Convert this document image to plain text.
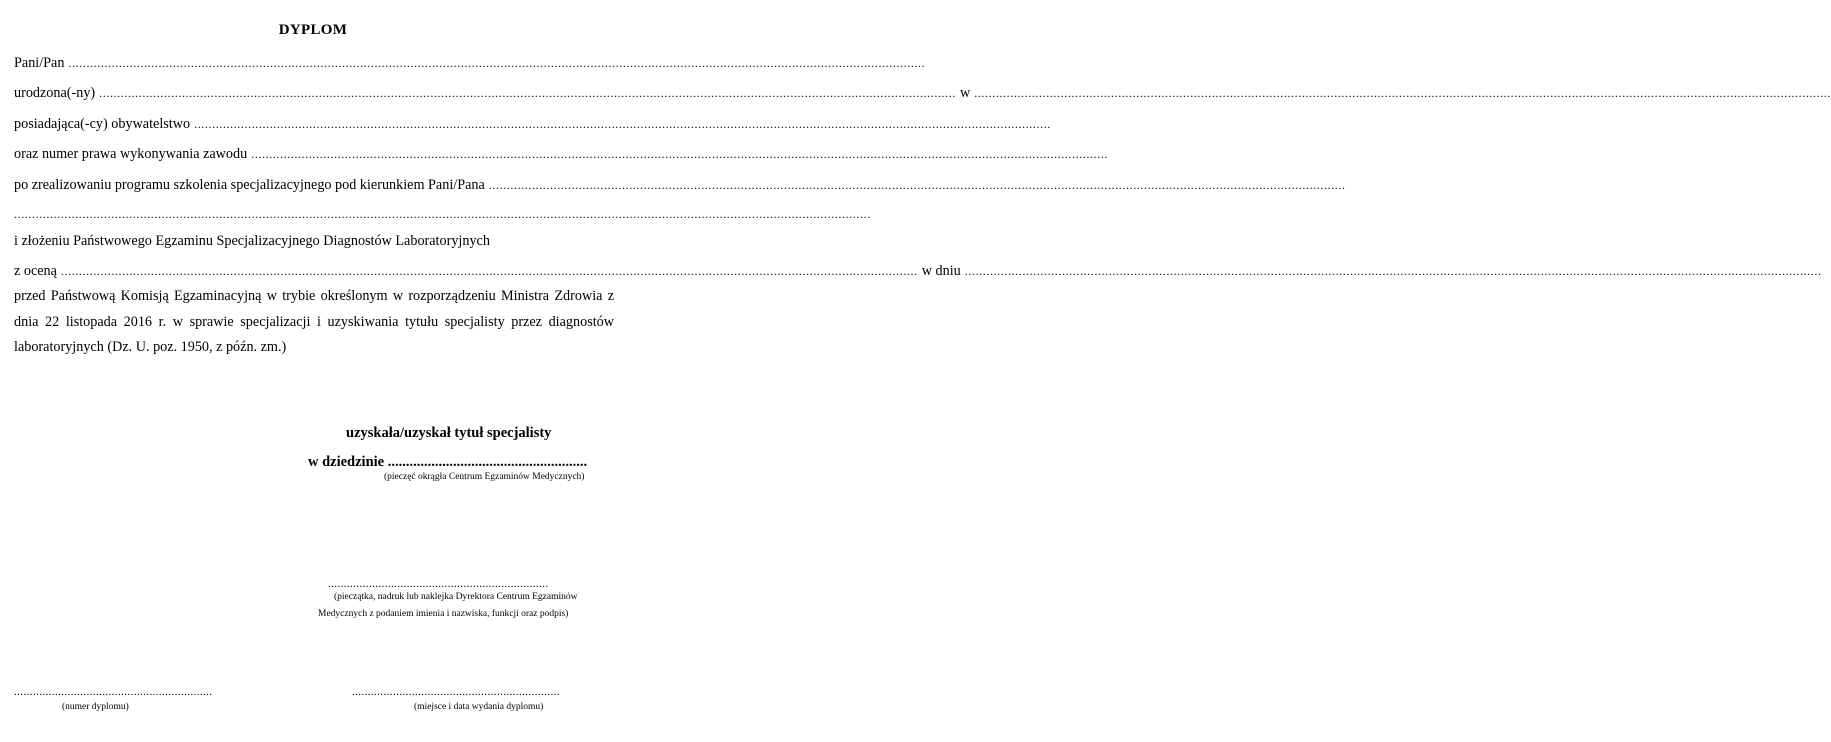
DYPLOM
Pani/Pan ..............................................................................................................................................................................................................................................
urodzona(-ny) .............................................................................................................................................................................................................................................. w ..............................................................................................................................................................................................................................................
posiadająca(-cy) obywatelstwo ..............................................................................................................................................................................................................................................
oraz numer prawa wykonywania zawodu ..............................................................................................................................................................................................................................................
po zrealizowaniu programu szkolenia specjalizacyjnego pod kierunkiem Pani/Pana ..............................................................................................................................................................................................................................................
..............................................................................................................................................................................................................................................
i złożeniu Państwowego Egzaminu Specjalizacyjnego Diagnostów Laboratoryjnych
z oceną .............................................................................................................................................................................................................................................. w dniu ..............................................................................................................................................................................................................................................
przed Państwową Komisją Egzaminacyjną w trybie określonym w rozporządzeniu Ministra Zdrowia z dnia 22 listopada 2016 r. w sprawie specjalizacji i uzyskiwania tytułu specjalisty przez diagnostów laboratoryjnych (Dz. U. poz. 1950, z późn. zm.)
uzyskała/uzyskał tytuł specjalisty
w dziedzinie .......................................................
(pieczęć okrągła Centrum Egzaminów Medycznych)
......................................................................
(pieczątka, nadruk lub naklejka Dyrektora Centrum Egzaminów
Medycznych z podaniem imienia i nazwiska, funkcji oraz podpis)
...............................................................
(numer dyplomu)
..................................................................
(miejsce i data wydania dyplomu)
